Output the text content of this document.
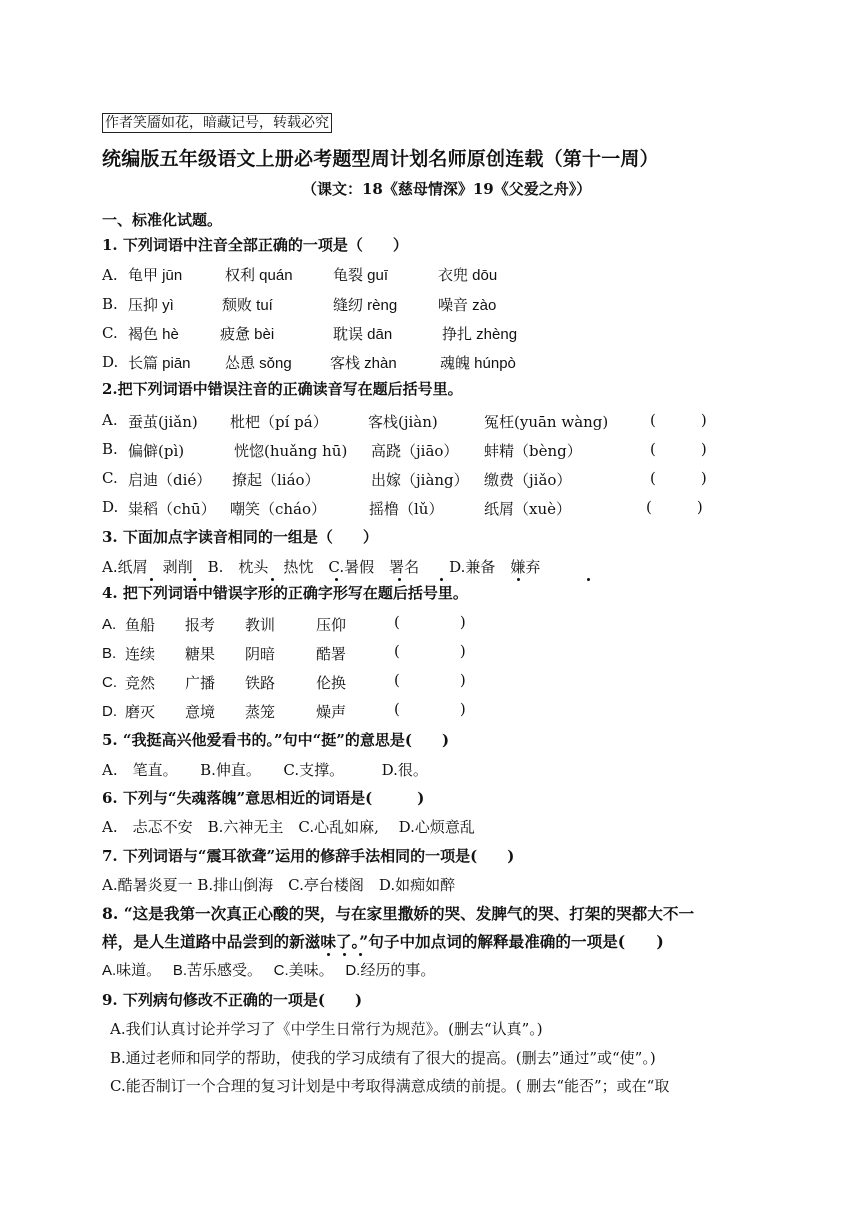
作者笑靥如花，暗藏记号，转载必究
统编版五年级语文上册必考题型周计划名师原创连载（第十一周）
（课文：18《慈母情深》19《父爱之舟》）
一、标准化试题。
1. 下列词语中注音全部正确的一项是（　　）
A. 龟甲 jūn	权利 quán	龟裂 guī	衣兜 dōu
B. 压抑 yì	颓败 tuí	缝纫 rèng	噪音 zào
C. 褐色 hè	疲惫 bèi	耽误 dān	挣扎 zhèng
D. 长篇 piān 怂恿 sǒng	客栈 zhàn	魂魄 húnpò
2.把下列词语中错误注音的正确读音写在题后括号里。
A. 蚕茧(jiǎn) 枇杷（pí pá）	客栈(jiàn)	冤枉(yuān wàng)	(　　　)
B. 偏僻(pì)	恍惚(huǎng hū) 高跷（jiāo） 蚌精（bèng）	(　　　)
C. 启迪（dié） 撩起（liáo）	出嫁（jiàng） 缴费（jiǎo）	(　　　)
D. 粜稻（chū） 嘲笑（cháo）	摇橹（lǔ）	纸屑（xuè）	(　　　)
3. 下面加点字读音相同的一组是（　　）
A.纸屑　剥削　B.　枕头　热忱　C.暑假　署名　　D.兼备　嫌弃
4. 把下列词语中错误字形的正确字形写在题后括号里。
A. 鱼船 报考 教训	压仰	(　　　　)
B. 连续 糖果 阴暗	酷署	(　　　　)
C. 竞然 广播 铁路	伦换	(　　　　)
D. 磨灭 意境 蒸笼	燥声	(　　　　)
5. “我挺高兴他爱看书的。”句中“挺”的意思是(　　)
A.　笔直。　　B.伸直。　　C.支撑。　　　D.很。
6. 下列与“失魂落魄”意思相近的词语是(　　　)
A.　忐忑不安　B.六神无主　C.心乱如麻,　 D.心烦意乱
7. 下列词语与“震耳欲聋”运用的修辞手法相同的一项是(　　)
A.酷暑炎夏一 B.排山倒海　C.亭台楼阁　D.如痴如醉
8. “这是我第一次真正心酸的哭，与在家里撒娇的哭、发脾气的哭、打架的哭都大不一
样，是人生道路中品尝到的新滋味了。”句子中加点词的解释最准确的一项是(　　)
A.味道。　 B.苦乐感受。　 C.美味。　 D.经历的事。
9. 下列病句修改不正确的一项是(　　)
A.我们认真讨论并学习了《中学生日常行为规范》。(删去“认真”。)
B.通过老师和同学的帮助，使我的学习成绩有了很大的提高。(删去”通过”或“使”。)
C.能否制订一个合理的复习计划是中考取得满意成绩的前提。( 删去“能否”；或在“取
